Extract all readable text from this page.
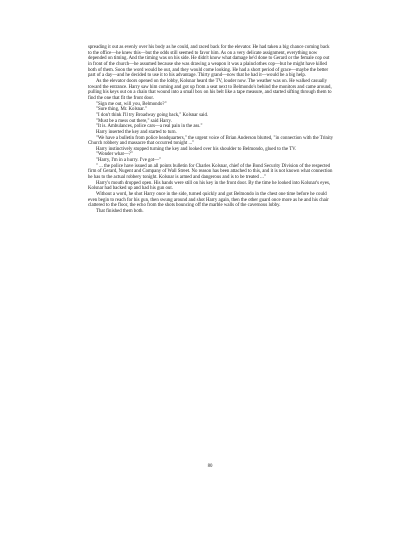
spreading it out as evenly over his body as he could, and raced back for the elevator. He had taken a big chance coming back to the office—he knew this—but the odds still seemed to favor him. As on a very delicate assignment, everything now depended on timing. And the timing was on his side. He didn't know what damage he'd done to Gerard or the female cop out in front of the church—he assumed because she was drawing a weapon it was a plainclothes cop—but he might have killed both of them. Soon the word would be out, and they would come looking. He had a short period of grace—maybe the better part of a day—and he decided to use it to his advantage. Thirty grand—now that he had it—would be a big help.

As the elevator doors opened on the lobby, Kolsnar heard the TV, louder now. The weather was on. He walked casually toward the entrance. Harry saw him coming and got up from a seat next to Belmondo's behind the monitors and came around, pulling his keys out on a chain that wound into a small box on his belt like a tape measure, and started sifting through them to find the one that fit the front door.

"Sign me out, will you, Belmondo?"

"Sure thing, Mr. Kolsnar."

"I don't think I'll try Broadway going back," Kolsnar said.

"Must be a mess out there," said Harry.

"It is. Ambulances, police cars—a real pain in the ass."

Harry inserted the key and started to turn.

"We have a bulletin from police headquarters," the urgent voice of Brian Anderson blurted, "in connection with the Trinity Church robbery and massacre that occurred tonight ..."

Harry instinctively stopped turning the key and looked over his shoulder to Belmondo, glued to the TV.

"Wonder what—?"

"Harry, I'm in a hurry. I've got—"

" ... the police have issued an all points bulletin for Charles Kolsnar, chief of the Bond Security Division of the respected firm of Gerard, Nugent and Company of Wall Street. No reason has been attached to this, and it is not known what connection he has to the actual robbery tonight. Kolsnar is armed and dangerous and is to be treated ..."

Harry's mouth dropped open. His hands were still on his key in the front door. By the time he looked into Kolsnar's eyes, Kolsnar had backed up and had his gun out.

Without a word, he shot Harry once in the side, turned quickly and got Belmondo in the chest one time before he could even begin to reach for his gun, then swung around and shot Harry again, then the other guard once more as he and his chair clattered to the floor, the echo from the shots bouncing off the marble walls of the cavernous lobby.

That finished them both.

80
